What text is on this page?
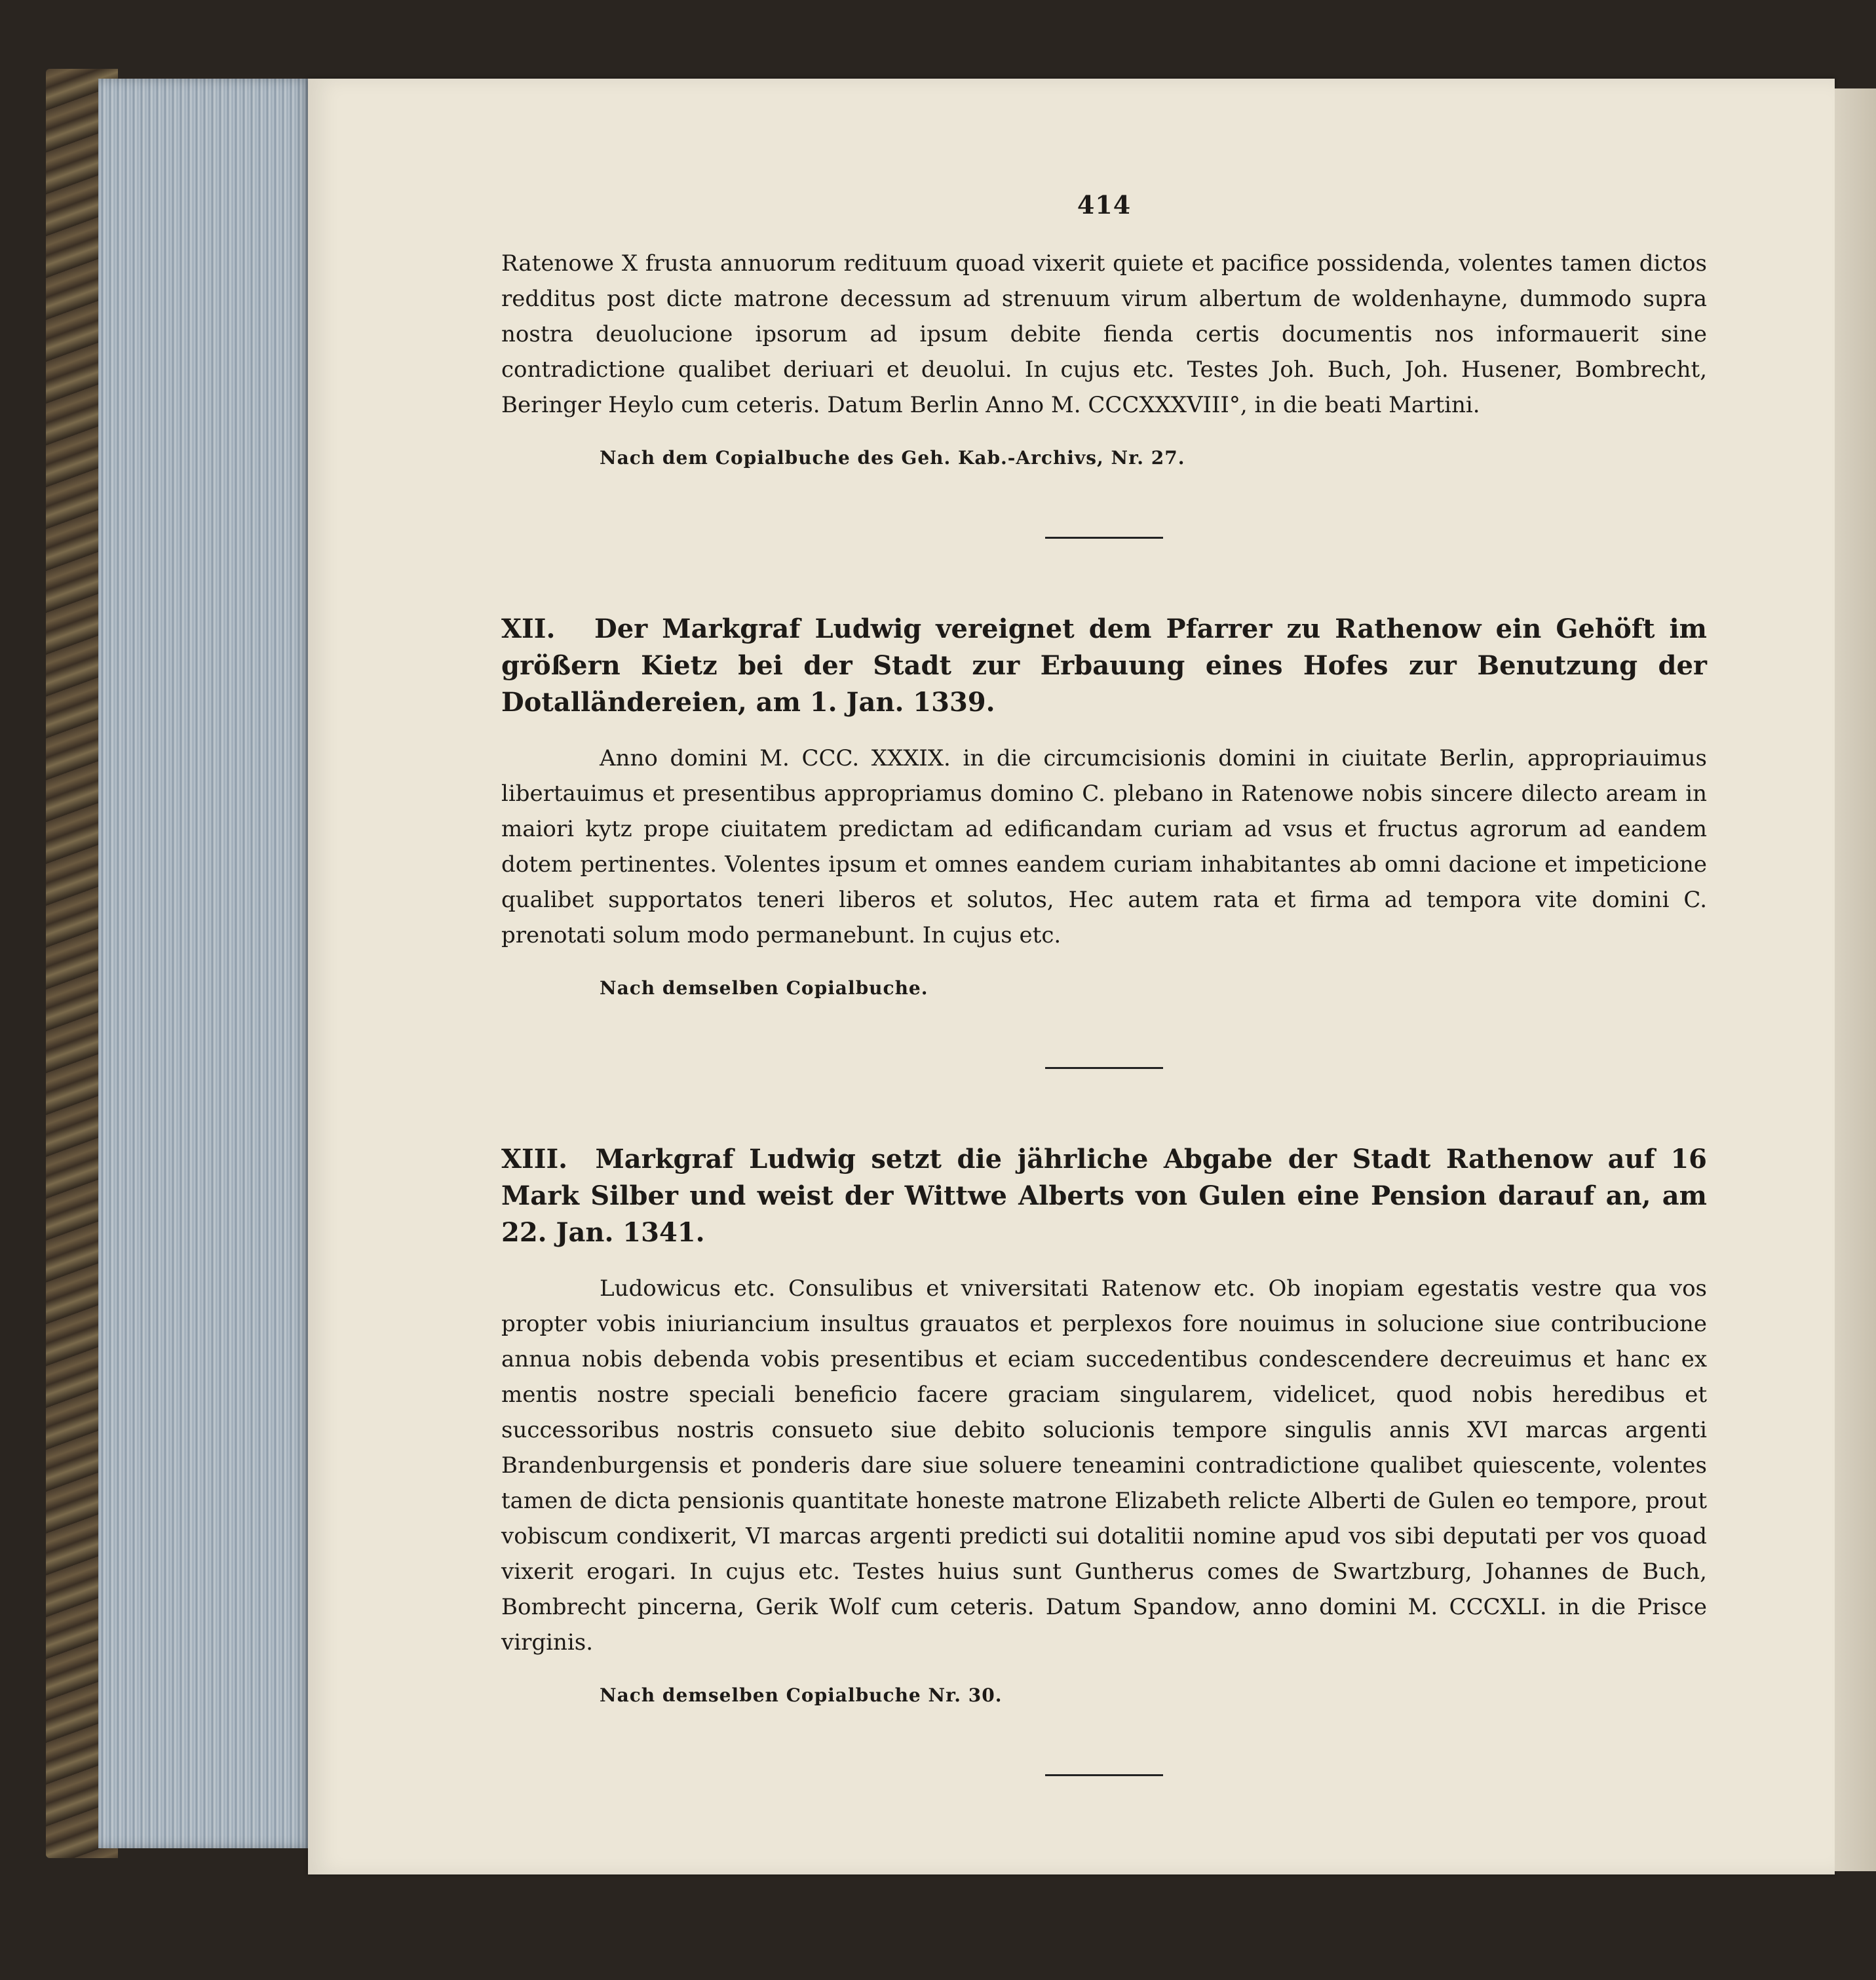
414

Ratenowe X frusta annuorum redituum quoad vixerit quiete et pacifice possidenda, volentes tamen dictos redditus post dicte matrone decessum ad strenuum virum albertum de woldenhayne, dummodo supra nostra deuolucione ipsorum ad ipsum debite fienda certis documentis nos informauerit sine contradictione qualibet deriuari et deuolui. In cujus etc. Testes Joh. Buch, Joh. Husener, Bombrecht, Beringer Heylo cum ceteris. Datum Berlin Anno M. CCCXXXVIII°, in die beati Martini.

Nach dem Copialbuche des Geh. Kab.-Archivs, Nr. 27.
XII. Der Markgraf Ludwig vereignet dem Pfarrer zu Rathenow ein Gehöft im größern Kietz bei der Stadt zur Erbauung eines Hofes zur Benutzung der Dotalländereien, am 1. Jan. 1339.

Anno domini M. CCC. XXXIX. in die circumcisionis domini in ciuitate Berlin, appropriauimus libertauimus et presentibus appropriamus domino C. plebano in Ratenowe nobis sincere dilecto aream in maiori kytz prope ciuitatem predictam ad edificandam curiam ad vsus et fructus agrorum ad eandem dotem pertinentes. Volentes ipsum et omnes eandem curiam inhabitantes ab omni dacione et impeticione qualibet supportatos teneri liberos et solutos, Hec autem rata et firma ad tempora vite domini C. prenotati solum modo permanebunt. In cujus etc.

Nach demselben Copialbuche.
XIII. Markgraf Ludwig setzt die jährliche Abgabe der Stadt Rathenow auf 16 Mark Silber und weist der Wittwe Alberts von Gulen eine Pension darauf an, am 22. Jan. 1341.

Ludowicus etc. Consulibus et vniversitati Ratenow etc. Ob inopiam egestatis vestre qua vos propter vobis iniuriancium insultus grauatos et perplexos fore nouimus in solucione siue contribucione annua nobis debenda vobis presentibus et eciam succedentibus condescendere decreuimus et hanc ex mentis nostre speciali beneficio facere graciam singularem, videlicet, quod nobis heredibus et successoribus nostris consueto siue debito solucionis tempore singulis annis XVI marcas argenti Brandenburgensis et ponderis dare siue soluere teneamini contradictione qualibet quiescente, volentes tamen de dicta pensionis quantitate honeste matrone Elizabeth relicte Alberti de Gulen eo tempore, prout vobiscum condixerit, VI marcas argenti predicti sui dotalitii nomine apud vos sibi deputati per vos quoad vixerit erogari. In cujus etc. Testes huius sunt Guntherus comes de Swartzburg, Johannes de Buch, Bombrecht pincerna, Gerik Wolf cum ceteris. Datum Spandow, anno domini M. CCCXLI. in die Prisce virginis.

Nach demselben Copialbuche Nr. 30.
